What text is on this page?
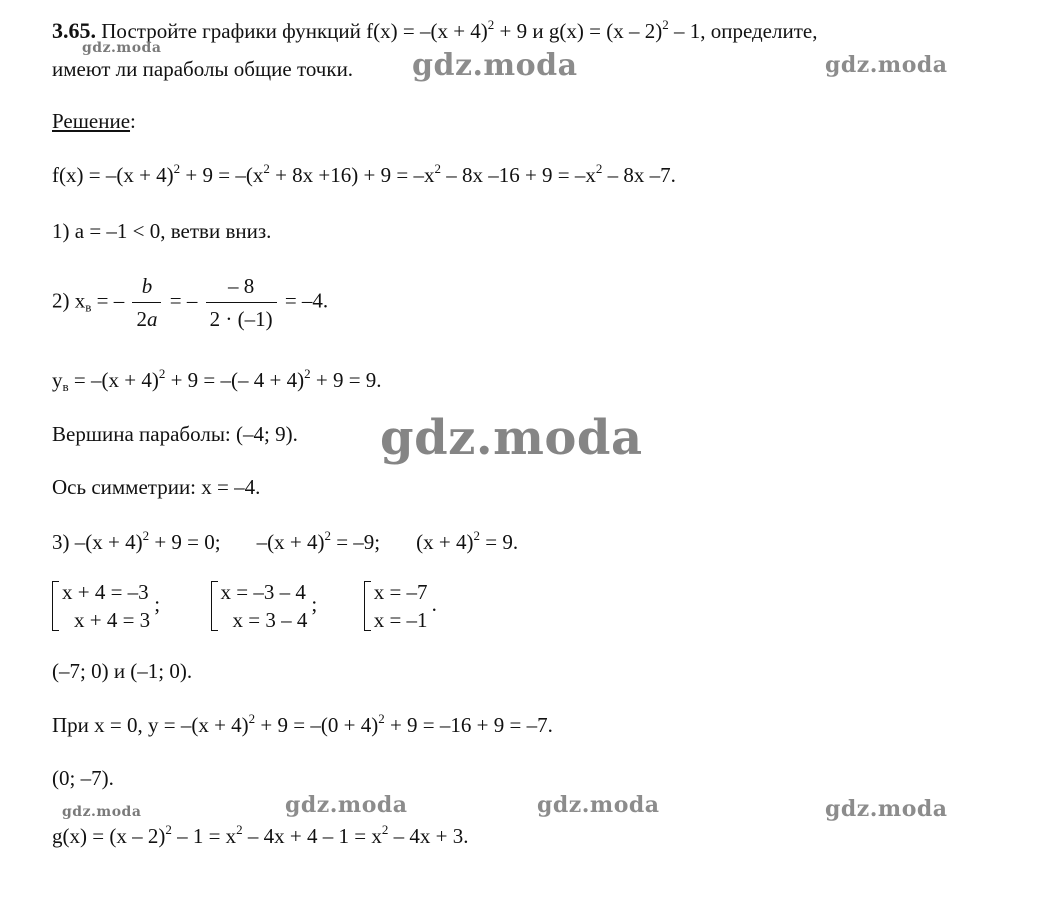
3.65. Постройте графики функций $f(x) = -(x + 4)^2 + 9$ и g(x) = (x – 2)$^2$ – 1, определите,
имеют ли параболы общие точки.
Решение:
$f(x) = -(x + 4)^2 + 9 = -(x^2 + 8x +16) + 9 = -x^2 - 8x$ $-16 + 9 = -x^2 - 8x$ –7.
1) a = –1 < 0, ветви вниз.
2) $x_в$ = – $\frac{b}{2a}$ = – $\frac{- 8}{2 \cdot (-1)} = -4$.
$y_в = -(x + 4)^2 + 9$ = –(– 4 + 4)$^2$ + 9 = 9.
Вершина параболы: (–4; 9).
Ось симметрии: x = –4.
3) $-(x + 4)^2 + 9 = 0$; $-(x + 4)^2 = -9$; $(x + 4)^2 = 9$.
x + 4 = –3
x + 4 = 3
;	x = –3 – 4
x = 3 – 4
;	x = –7
x = –1
.
(–7; 0) и (–1; 0).
При x = 0, $y = -(x + 4)^2 + 9 = -(0 + 4)^2 + 9 = -16 + 9 = -7$.
(0; –7).
$g(x) = (x - 2)^2 - 1 = x^2 - 4x + 4 - 1 = x^2 - 4x + 3$.
gdz.moda	gdz.moda	gdz.moda
gdz.moda
gdz.moda	gdz.moda	gdz.moda	gdz.moda
